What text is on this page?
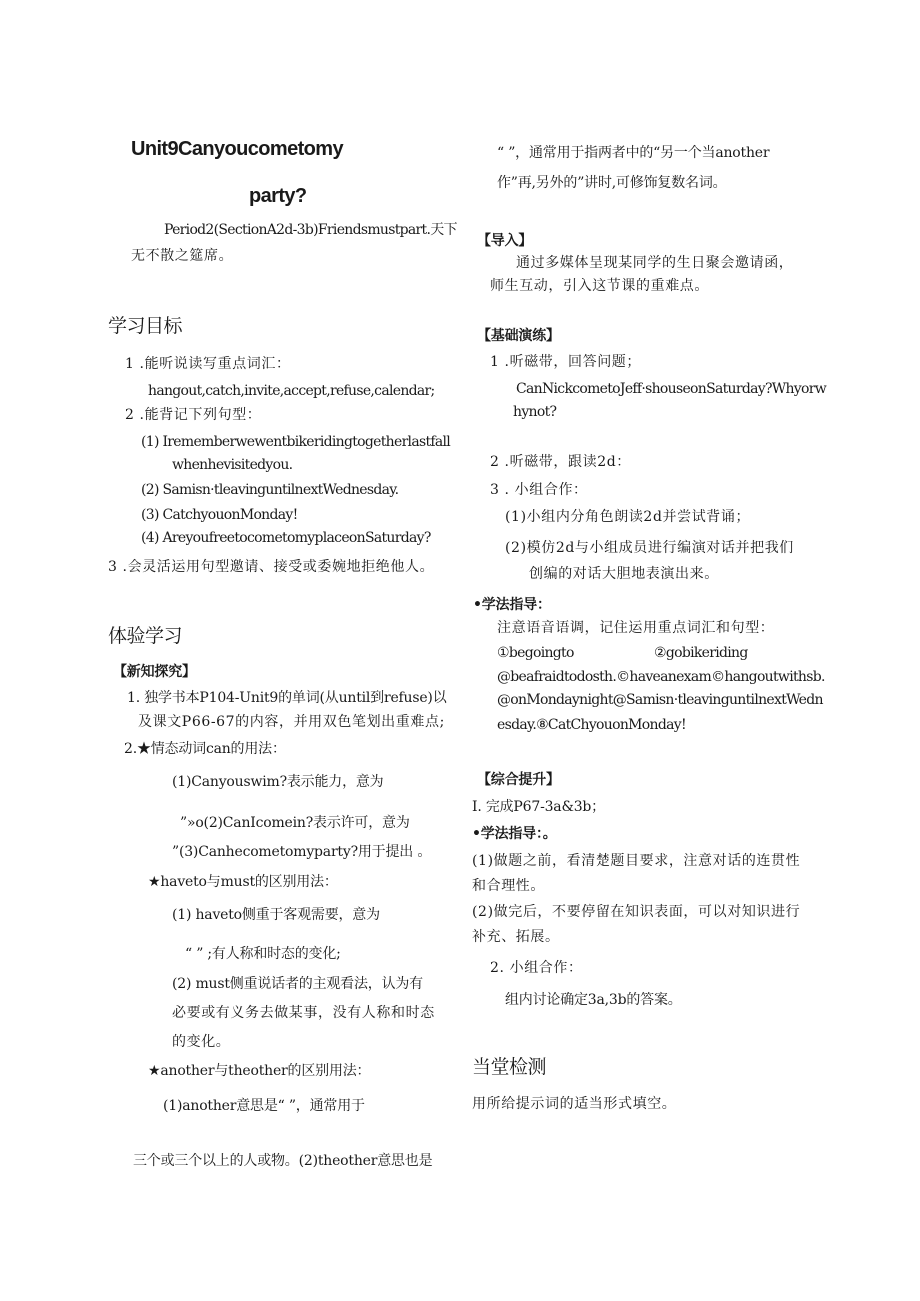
Unit9Canyoucometomy
party?
Period2(SectionA2d-3b)Friendsmustpart.天下
无不散之筵席。
学习目标
1 .能听说读写重点词汇：
hangout,catch,invite,accept,refuse,calendar;
2 .能背记下列句型：
(1) Irememberwewentbikeridingtogetherlastfall
whenhevisitedyou.
(2) Samisn·tleavinguntilnextWednesday.
(3) CatchyouonMonday!
(4) AreyoufreetocometomyplaceonSaturday?
3 .会灵活运用句型邀请、接受或委婉地拒绝他人。
体验学习
【新知探究】
1. 独学书本P104-Unit9的单词(从until到refuse)以
及课文P66-67的内容，并用双色笔划出重难点;
2.★情态动词can的用法：
(1)Canyouswim?表示能力，意为
”»o(2)CanIcomein?表示许可，意为
”(3)Canhecometomyparty?用于提出 。
★haveto与must的区别用法：
(1) haveto侧重于客观需要，意为
“ ” ;有人称和时态的变化;
(2) must侧重说话者的主观看法，认为有
必要或有义务去做某事，没有人称和时态
的变化。
★another与theother的区别用法：
(1)another意思是“ ”，通常用于
三个或三个以上的人或物。(2)theother意思也是
“ ”，通常用于指两者中的“另一个当another
作”再,另外的”讲时,可修饰复数名词。
【导入】
通过多媒体呈现某同学的生日聚会邀请函，
师生互动，引入这节课的重难点。
【基础演练】
1 .听磁带，回答问题；
CanNickcometoJeff·shouseonSaturday?Whyorw
hynot?
2 .听磁带，跟读2d：
3 . 小组合作：
(1)小组内分角色朗读2d并尝试背诵；
(2)模仿2d与小组成员进行编演对话并把我们
创编的对话大胆地表演出来。
•学法指导：
注意语音语调，记住运用重点词汇和句型：
①begoingto	②gobikeriding
@beafraidtodosth.©haveanexam©hangoutwithsb.
@onMondaynight@Samisn·tleavinguntilnextWedn
esday.⑧CatChyouonMonday!
【综合提升】
I. 完成P67-3a&3b；
•学法指导：。
(1)做题之前，看清楚题目要求，注意对话的连贯性
和合理性。
(2)做完后，不要停留在知识表面，可以对知识进行
补充、拓展。
2. 小组合作：
组内讨论确定3a,3b的答案。
当堂检测
用所给提示词的适当形式填空。
